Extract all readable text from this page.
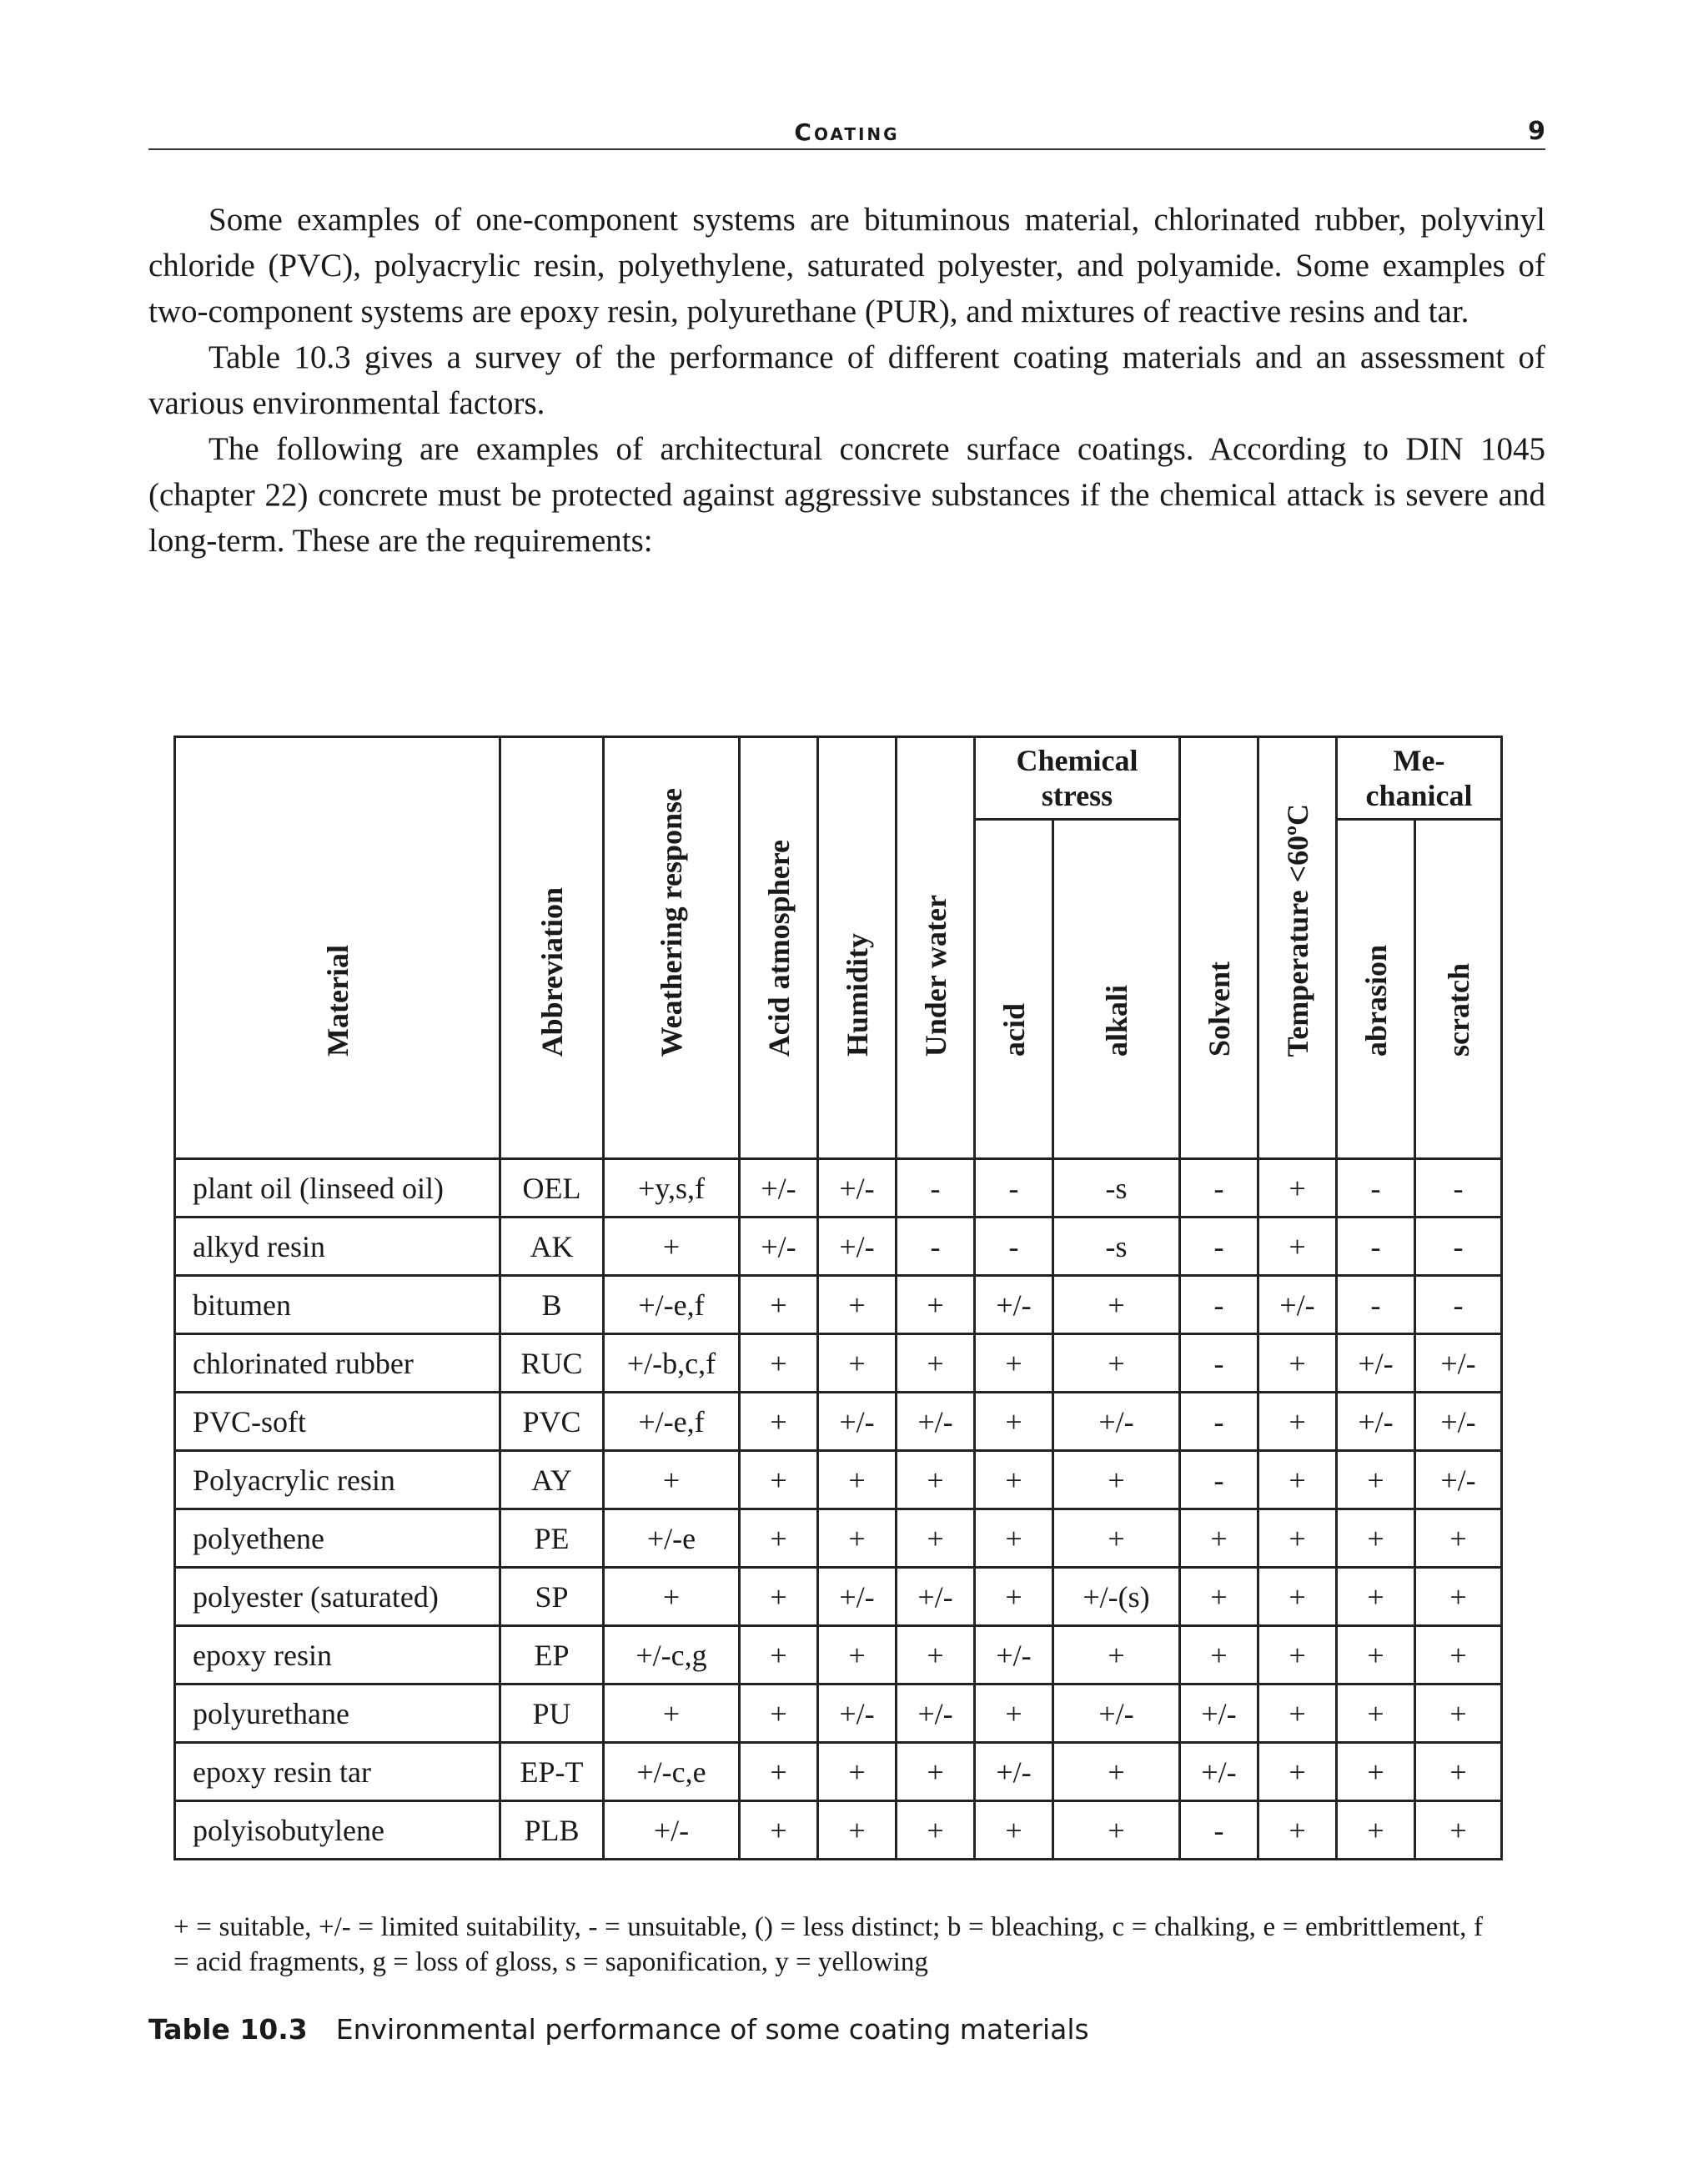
Coating	9

Some examples of one-component systems are bituminous material, chlorinated rubber, polyvinyl chloride (PVC), polyacrylic resin, polyethylene, saturated polyester, and polyamide. Some examples of two-component systems are epoxy resin, polyurethane (PUR), and mixtures of reactive resins and tar.

Table 10.3 gives a survey of the performance of different coating materials and an assessment of various environmental factors.

The following are examples of architectural concrete surface coatings. According to DIN 1045 (chapter 22) concrete must be protected against aggressive substances if the chemical attack is severe and long-term. These are the requirements:

Material	Abbreviation	Weathering response	Acid atmosphere	Humidity	Under water	Chemical stress		Solvent	Temperature <60ºC	Me-chanical	
						acid	alkali			abrasion	scratch
plant oil (linseed oil)	OEL	+y,s,f	+/-	+/-	-	-	-s	-	+	-	-
alkyd resin	AK	+	+/-	+/-	-	-	-s	-	+	-	-
bitumen	B	+/-e,f	+	+	+	+/-	+	-	+/-	-	-
chlorinated rubber	RUC	+/-b,c,f	+	+	+	+	+	-	+	+/-	+/-
PVC-soft	PVC	+/-e,f	+	+/-	+/-	+	+/-	-	+	+/-	+/-
Polyacrylic resin	AY	+	+	+	+	+	+	-	+	+	+/-
polyethene	PE	+/-e	+	+	+	+	+	+	+	+	+
polyester (saturated)	SP	+	+	+/-	+/-	+	+/-(s)	+	+	+	+
epoxy resin	EP	+/-c,g	+	+	+	+/-	+	+	+	+	+
polyurethane	PU	+	+	+/-	+/-	+	+/-	+/-	+	+	+
epoxy resin tar	EP-T	+/-c,e	+	+	+	+/-	+	+/-	+	+	+
polyisobutylene	PLB	+/-	+	+	+	+	+	-	+	+	+
+ = suitable, +/- = limited suitability, - = unsuitable, () = less distinct; b = bleaching, c = chalking, e = embrittlement, f = acid fragments, g = loss of gloss, s = saponification, y = yellowing
Table 10.3 Environmental performance of some coating materials
